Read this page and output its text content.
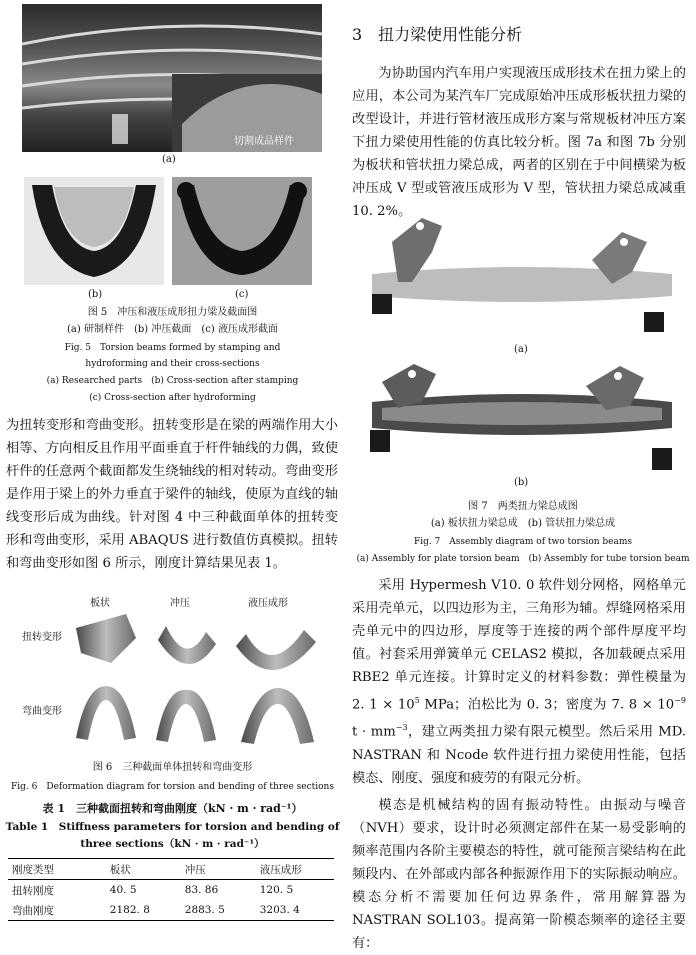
切割成品样件
(a)
(b)	(c)
图 5　冲压和液压成形扭力梁及截面图
(a) 研制样件　(b) 冲压截面　(c) 液压成形截面
Fig. 5　Torsion beams formed by stamping and
hydroforming and their cross-sections
(a) Researched parts　(b) Cross-section after stamping
(c) Cross-section after hydroforming

为扭转变形和弯曲变形。扭转变形是在梁的两端作用大小相等、方向相反且作用平面垂直于杆件轴线的力偶，致使杆件的任意两个截面都发生绕轴线的相对转动。弯曲变形是作用于梁上的外力垂直于梁件的轴线，使原为直线的轴线变形后成为曲线。针对图 4 中三种截面单体的扭转变形和弯曲变形，采用 ABAQUS 进行数值仿真模拟。扭转和弯曲变形如图 6 所示，刚度计算结果见表 1。

板状	冲压	液压成形
扭转变形
弯曲变形
图 6　三种截面单体扭转和弯曲变形
Fig. 6　Deformation diagram for torsion and bending of three sections
表 1　三种截面扭转和弯曲刚度（kN · m · rad⁻¹）
Table 1　Stiffness parameters for torsion and bending of
three sections（kN · m · rad⁻¹）
刚度类型	板状	冲压	液压成形
扭转刚度	40. 5	83. 86	120. 5
弯曲刚度	2182. 8	2883. 5	3203. 4
3　扭力梁使用性能分析

为协助国内汽车用户实现液压成形技术在扭力梁上的应用，本公司为某汽车厂完成原始冲压成形板状扭力梁的改型设计，并进行管材液压成形方案与常规板材冲压方案下扭力梁使用性能的仿真比较分析。图 7a 和图 7b 分别为板状和管状扭力梁总成，两者的区别在于中间横梁为板冲压成 V 型或管液压成形为 V 型，管状扭力梁总成减重 10. 2%。

(a)
(b)
图 7　两类扭力梁总成图
(a) 板状扭力梁总成　(b) 管状扭力梁总成
Fig. 7　Assembly diagram of two torsion beams
(a) Assembly for plate torsion beam　(b) Assembly for tube torsion beam

采用 Hypermesh V10. 0 软件划分网格，网格单元采用壳单元，以四边形为主，三角形为辅。焊缝网格采用壳单元中的四边形，厚度等于连接的两个部件厚度平均值。衬套采用弹簧单元 CELAS2 模拟，各加载硬点采用 RBE2 单元连接。计算时定义的材料参数：弹性模量为 2. $1 \times 10^5$ MPa；泊松比为 0. 3；密度为 7. $8 \times 10^{-9}$ $t \cdot mm^{-3}$，建立两类扭力梁有限元模型。然后采用 MD. NASTRAN 和 Ncode 软件进行扭力梁使用性能，包括模态、刚度、强度和疲劳的有限元分析。

模态是机械结构的固有振动特性。由振动与噪音（NVH）要求，设计时必须测定部件在某一易受影响的频率范围内各阶主要模态的特性，就可能预言梁结构在此频段内、在外部或内部各种振源作用下的实际振动响应。模态分析不需要加任何边界条件，常用解算器为 NASTRAN SOL103。提高第一阶模态频率的途径主要有：
